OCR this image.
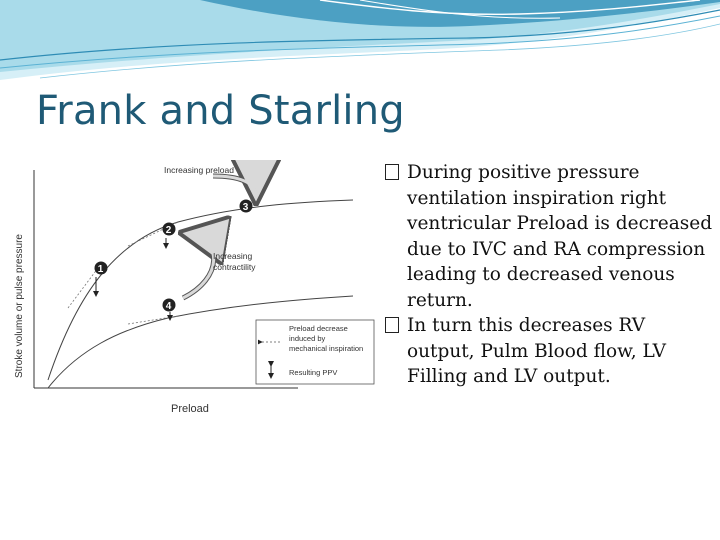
Frank and Starling
Stroke volume or pulse pressure
Preload
Increasing preload
Increasing
contractility
1
2
3
4
Preload decrease
induced by
mechanical inspiration
Resulting PPV

During positive pressure ventilation inspiration right ventricular Preload is decreased due to IVC and RA compression leading to decreased venous return.

In turn this decreases RV output, Pulm Blood flow, LV Filling and LV output.
